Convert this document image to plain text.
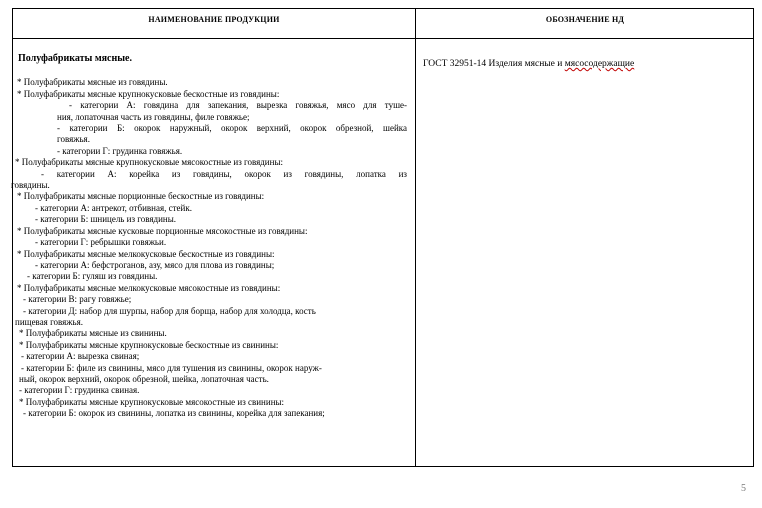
НАИМЕНОВАНИЕ ПРОДУКЦИИ	ОБОЗНАЧЕНИЕ НД
Полуфабрикаты мясные.
* Полуфабрикаты мясные из говядины.
* Полуфабрикаты мясные крупнокусковые бескостные из говядины:
- категории А: говядина для запекания, вырезка говяжья, мясо для туше-
ния, лопаточная часть из говядины, филе говяжье;
- категории Б: окорок наружный, окорок верхний, окорок обрезной, шейка
говяжья.
- категории Г: грудинка говяжья.
* Полуфабрикаты мясные крупнокусковые мясокостные из говядины:
- категории А: корейка из говядины, окорок из говядины, лопатка из
говядины.
* Полуфабрикаты мясные порционные бескостные из говядины:
- категории А: антрекот, отбивная, стейк.
- категории Б: шницель из говядины.
* Полуфабрикаты мясные кусковые порционные мясокостные из говядины:
- категории Г: ребрышки говяжьи.
* Полуфабрикаты мясные мелкокусковые бескостные из говядины:
- категории А: бефстроганов, азу, мясо для плова из говядины;
- категории Б: гуляш из говядины.
* Полуфабрикаты мясные мелкокусковые мясокостные из говядины:
- категории В: рагу говяжье;
- категории Д: набор для шурпы, набор для борща, набор для холодца, кость
пищевая говяжья.
* Полуфабрикаты мясные из свинины.
* Полуфабрикаты мясные крупнокусковые бескостные из свинины:
- категории А: вырезка свиная;
- категории Б: филе из свинины, мясо для тушения из свинины, окорок наруж-
ный, окорок верхний, окорок обрезной, шейка, лопаточная часть.
- категории Г: грудинка свиная.
* Полуфабрикаты мясные крупнокусковые мясокостные из свинины:
- категории Б: окорок из свинины, лопатка из свинины, корейка для запекания;
ГОСТ 32951-14 Изделия мясные и мясосодержащие
5
